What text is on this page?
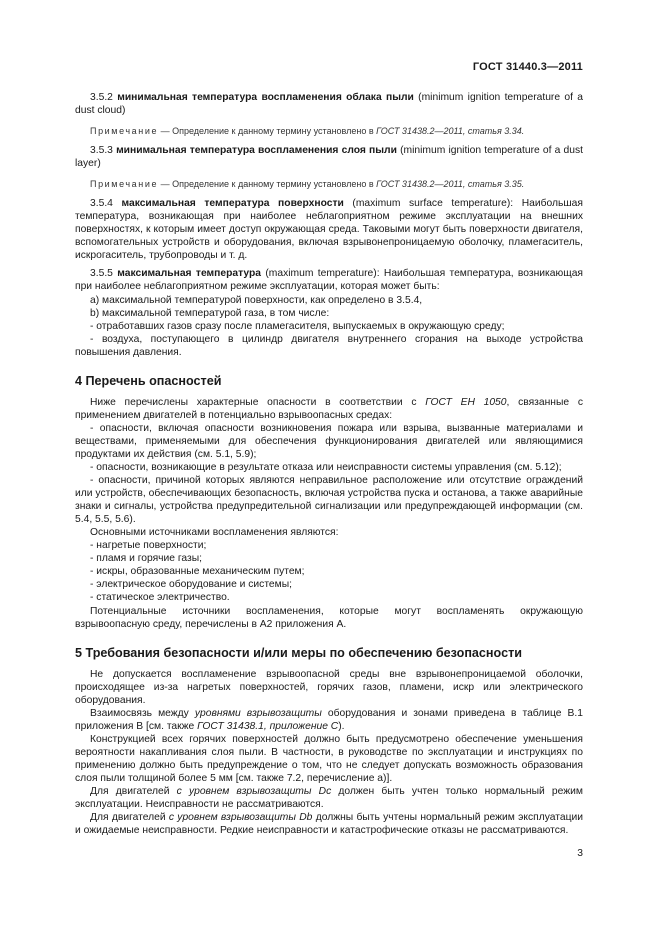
ГОСТ 31440.3—2011

3.5.2 минимальная температура воспламенения облака пыли (minimum ignition temperature of a dust cloud)

Примечание — Определение к данному термину установлено в ГОСТ 31438.2—2011, статья 3.34.

3.5.3 минимальная температура воспламенения слоя пыли (minimum ignition temperature of a dust layer)

Примечание — Определение к данному термину установлено в ГОСТ 31438.2—2011, статья 3.35.

3.5.4 максимальная температура поверхности (maximum surface temperature): Наибольшая температура, возникающая при наиболее неблагоприятном режиме эксплуатации на внешних поверхностях, к которым имеет доступ окружающая среда. Таковыми могут быть поверхности двигателя, вспомогательных устройств и оборудования, включая взрывонепроницаемую оболочку, пламегаситель, искрогаситель, трубопроводы и т. д.

3.5.5 максимальная температура (maximum temperature): Наибольшая температура, возникающая при наиболее неблагоприятном режиме эксплуатации, которая может быть:

а) максимальной температурой поверхности, как определено в 3.5.4,

b) максимальной температурой газа, в том числе:

- отработавших газов сразу после пламегасителя, выпускаемых в окружающую среду;

- воздуха, поступающего в цилиндр двигателя внутреннего сгорания на выходе устройства повышения давления.

4 Перечень опасностей

Ниже перечислены характерные опасности в соответствии с ГОСТ ЕН 1050, связанные с применением двигателей в потенциально взрывоопасных средах:

- опасности, включая опасности возникновения пожара или взрыва, вызванные материалами и веществами, применяемыми для обеспечения функционирования двигателей или являющимися продуктами их действия (см. 5.1, 5.9);

- опасности, возникающие в результате отказа или неисправности системы управления (см. 5.12);

- опасности, причиной которых являются неправильное расположение или отсутствие ограждений или устройств, обеспечивающих безопасность, включая устройства пуска и останова, а также аварийные знаки и сигналы, устройства предупредительной сигнализации или предупреждающей информации (см. 5.4, 5.5, 5.6).

Основными источниками воспламенения являются:

- нагретые поверхности;

- пламя и горячие газы;

- искры, образованные механическим путем;

- электрическое оборудование и системы;

- статическое электричество.

Потенциальные источники воспламенения, которые могут воспламенять окружающую взрывоопасную среду, перечислены в А2 приложения А.

5 Требования безопасности и/или меры по обеспечению безопасности

Не допускается воспламенение взрывоопасной среды вне взрывонепроницаемой оболочки, происходящее из-за нагретых поверхностей, горячих газов, пламени, искр или электрического оборудования.

Взаимосвязь между уровнями взрывозащиты оборудования и зонами приведена в таблице В.1 приложения В [см. также ГОСТ 31438.1, приложение С).

Конструкцией всех горячих поверхностей должно быть предусмотрено обеспечение уменьшения вероятности накапливания слоя пыли. В частности, в руководстве по эксплуатации и инструкциях по применению должно быть предупреждение о том, что не следует допускать возможность образования слоя пыли толщиной более 5 мм [см. также 7.2, перечисление а)].

Для двигателей с уровнем взрывозащиты Dc должен быть учтен только нормальный режим эксплуатации. Неисправности не рассматриваются.

Для двигателей с уровнем взрывозащиты Db должны быть учтены нормальный режим эксплуатации и ожидаемые неисправности. Редкие неисправности и катастрофические отказы не рассматриваются.

3
